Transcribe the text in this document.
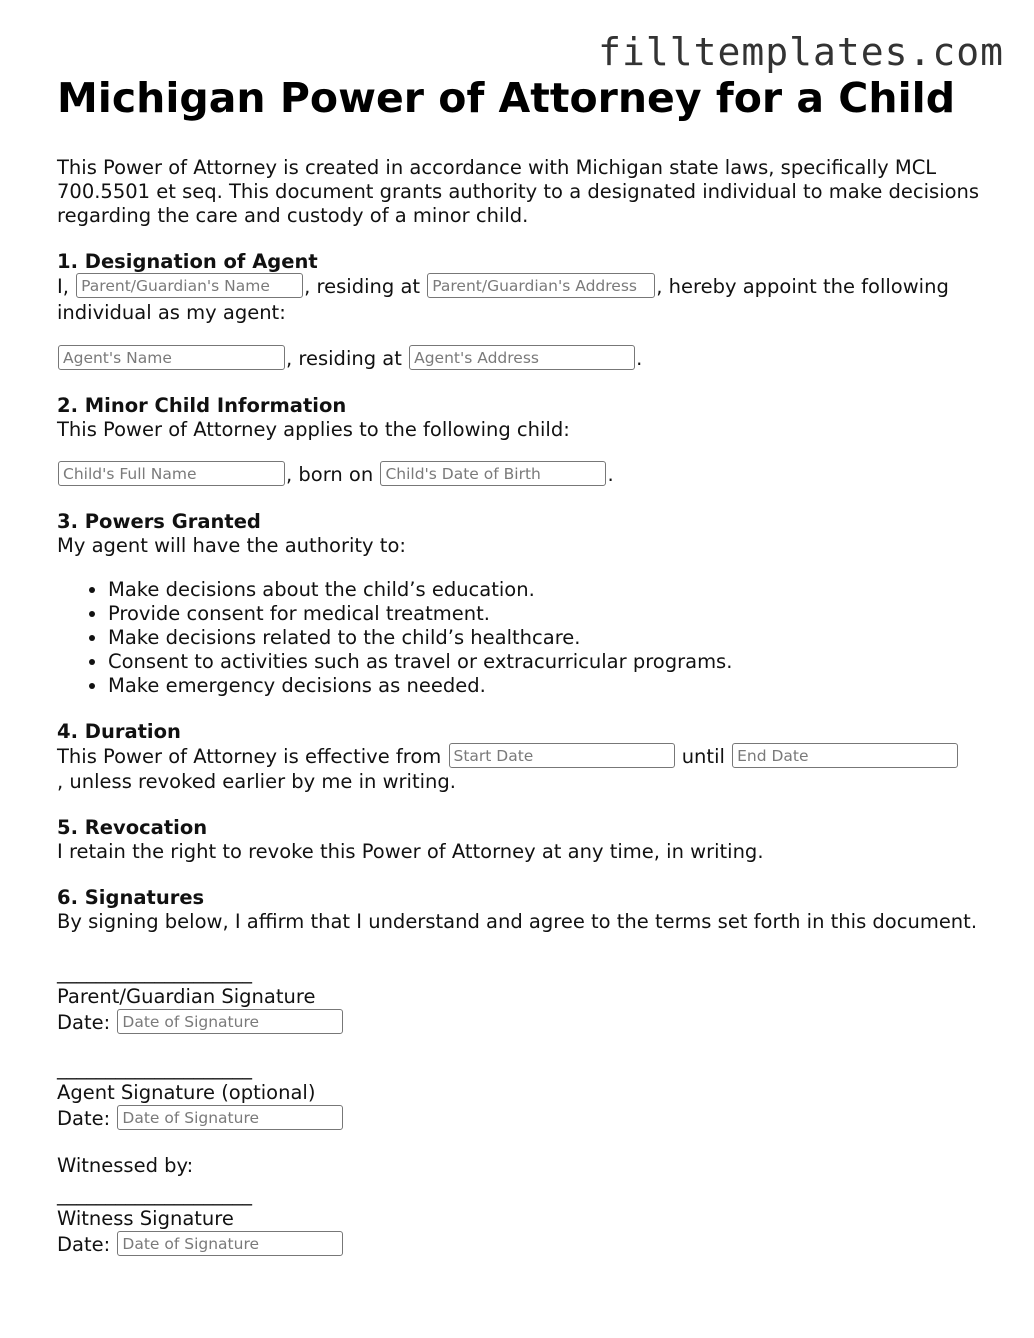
filltemplates.com
Michigan Power of Attorney for a Child

This Power of Attorney is created in accordance with Michigan state laws, specifically MCL 700.5501 et seq. This document grants authority to a designated individual to make decisions regarding the care and custody of a minor child.

1. Designation of Agent
I, Parent/Guardian's Name	, residing at Parent/Guardian's Address	, hereby appoint the following individual as my agent:
Agent's Name, residing at Agent's Address	.
2. Minor Child Information

This Power of Attorney applies to the following child:

Child's Full Name, born on Child's Date of Birth	.
3. Powers Granted

My agent will have the authority to:

• Make decisions about the child’s education.
• Provide consent for medical treatment.
• Make decisions related to the child’s healthcare.
• Consent to activities such as travel or extracurricular programs.
• Make emergency decisions as needed.
4. Duration
This Power of Attorney is effective from Start Date	until End Date

, unless revoked earlier by me in writing.

5. Revocation

I retain the right to revoke this Power of Attorney at any time, in writing.

6. Signatures

By signing below, I affirm that I understand and agree to the terms set forth in this document.

____________________
Parent/Guardian Signature
Date: Date of Signature
____________________
Agent Signature (optional)
Date: Date of Signature
Witnessed by:
____________________
Witness Signature
Date: Date of Signature
